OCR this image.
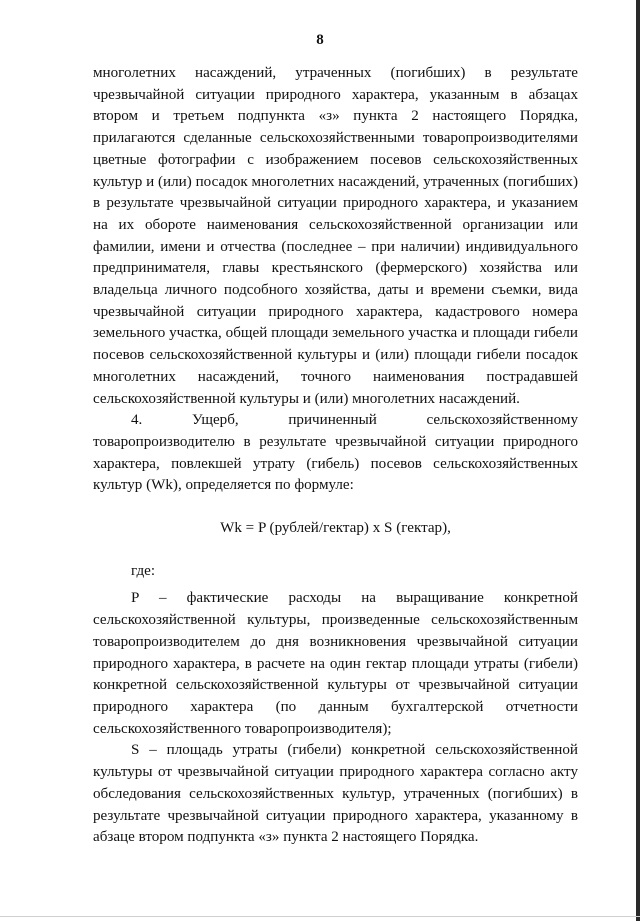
8

многолетних насаждений, утраченных (погибших) в результате чрезвычайной ситуации природного характера, указанным в абзацах втором и третьем подпункта «з» пункта 2 настоящего Порядка, прилагаются сделанные сельскохозяйственными товаропроизводителями цветные фотографии с изображением посевов сельскохозяйственных культур и (или) посадок многолетних насаждений, утраченных (погибших) в результате чрезвычайной ситуации природного характера, и указанием на их обороте наименования сельскохозяйственной организации или фамилии, имени и отчества (последнее – при наличии) индивидуального предпринимателя, главы крестьянского (фермерского) хозяйства или владельца личного подсобного хозяйства, даты и времени съемки, вида чрезвычайной ситуации природного характера, кадастрового номера земельного участка, общей площади земельного участка и площади гибели посевов сельскохозяйственной культуры и (или) площади гибели посадок многолетних насаждений, точного наименования пострадавшей сельскохозяйственной культуры и (или) многолетних насаждений.

4. Ущерб, причиненный сельскохозяйственному товаропроизводителю в результате чрезвычайной ситуации природного характера, повлекшей утрату (гибель) посевов сельскохозяйственных культур (Wk), определяется по формуле:

Wk = P (рублей/гектар) x S (гектар),

где:

P – фактические расходы на выращивание конкретной сельскохозяйственной культуры, произведенные сельскохозяйственным товаропроизводителем до дня возникновения чрезвычайной ситуации природного характера, в расчете на один гектар площади утраты (гибели) конкретной сельскохозяйственной культуры от чрезвычайной ситуации природного характера (по данным бухгалтерской отчетности сельскохозяйственного товаропроизводителя);

S – площадь утраты (гибели) конкретной сельскохозяйственной культуры от чрезвычайной ситуации природного характера согласно акту обследования сельскохозяйственных культур, утраченных (погибших) в результате чрезвычайной ситуации природного характера, указанному в абзаце втором подпункта «з» пункта 2 настоящего Порядка.
